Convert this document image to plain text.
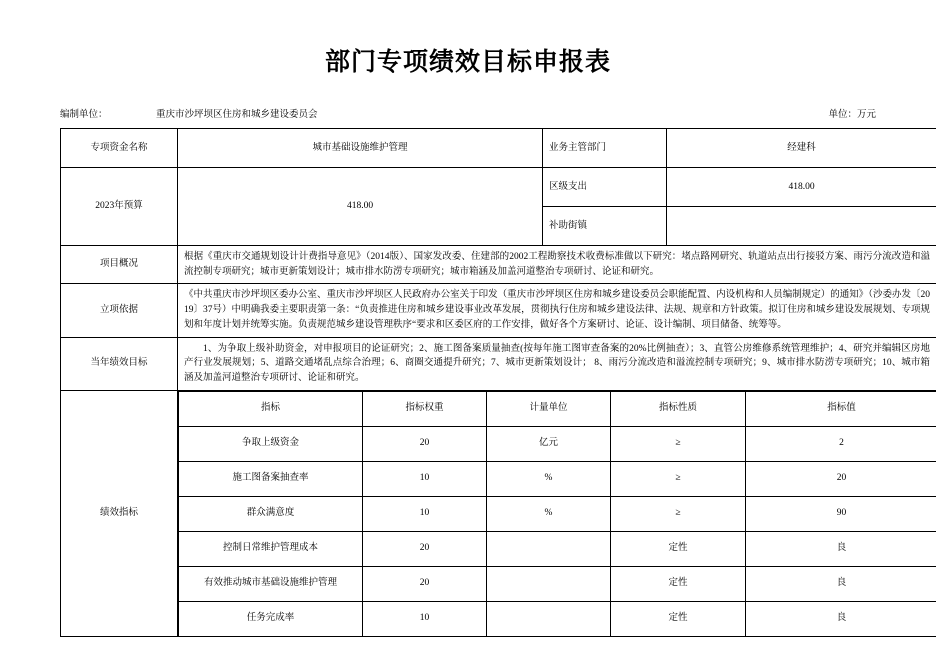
部门专项绩效目标申报表
编制单位：	重庆市沙坪坝区住房和城乡建设委员会	单位：万元
专项资金名称	城市基础设施维护管理	业务主管部门	经建科
2023年预算	418.00	区级支出	418.00
补助街镇	
项目概况	根据《重庆市交通规划设计计费指导意见》（2014版）、国家发改委、住建部的2002工程勘察技术收费标准做以下研究：堵点路网研究、轨道站点出行接驳方案、雨污分流改造和溢流控制专项研究；城市更新策划设计；城市排水防涝专项研究；城市箱涵及加盖河道整治专项研讨、论证和研究。
立项依据	《中共重庆市沙坪坝区委办公室、重庆市沙坪坝区人民政府办公室关于印发（重庆市沙坪坝区住房和城乡建设委员会职能配置、内设机构和人员编制规定）的通知》（沙委办发〔2019〕37号）中明确我委主要职责第一条：“负责推进住房和城乡建设事业改革发展，贯彻执行住房和城乡建设法律、法规、规章和方针政策。拟订住房和城乡建设发展规划、专项规划和年度计划并统筹实施。负责规范城乡建设管理秩序“要求和区委区府的工作安排，做好各个方案研讨、论证、设计编制、项目储备、统筹等。
当年绩效目标	1、为争取上级补助资金，对申报项目的论证研究；2、施工图备案质量抽查(按每年施工图审查备案的20%比例抽查）；3、直管公房维修系统管理维护；4、研究并编辑区房地产行业发展规划；5、道路交通堵乱点综合治理；6、商圈交通提升研究；7、城市更新策划设计； 8、雨污分流改造和溢流控制专项研究；9、城市排水防涝专项研究；10、城市箱涵及加盖河道整治专项研讨、论证和研究。
绩效指标	
指标	指标权重	计量单位	指标性质	指标值
争取上级资金	20	亿元	≥	2
施工图备案抽查率	10	%	≥	20
群众满意度	10	%	≥	90
控制日常维护管理成本	20		定性	良
有效推动城市基础设施维护管理	20		定性	良
任务完成率	10		定性	良
